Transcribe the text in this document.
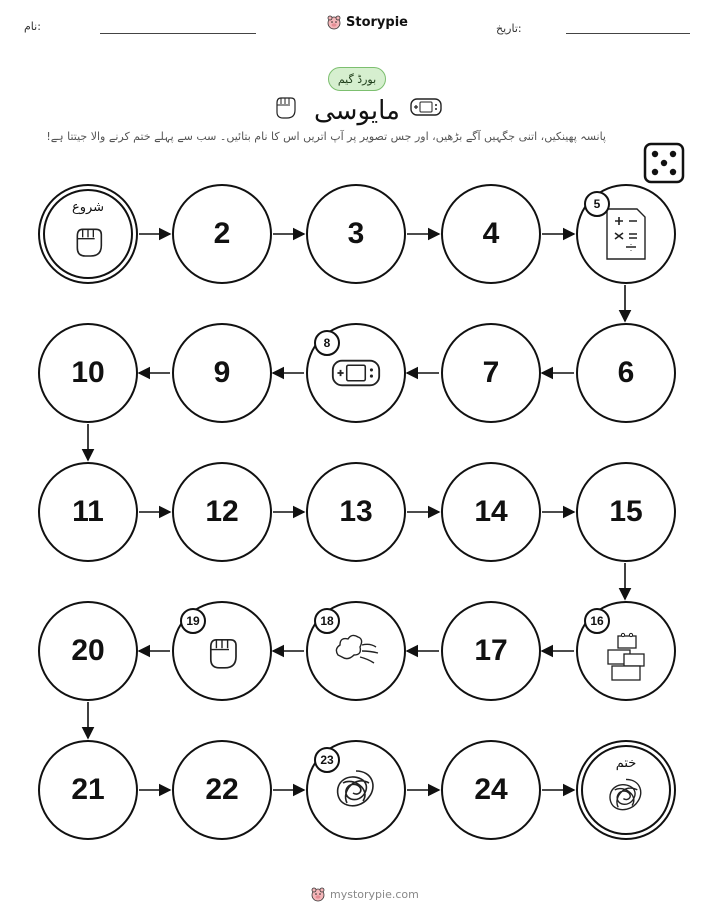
نام:	Storypie	تاریخ:
بورڈ گیم
مایوسی
پانسہ پھینکیں، اتنی جگہیں آگے بڑھیں، اور جس تصویر پر آپ اتریں اس کا نام بتائیں۔ سب سے پہلے ختم کرنے والا جیتتا ہے!
شروع
2	3	4
5
10	9
8
7	6
11	12	13	14	15
20
19	18
17
16
21	22
23
24
ختم
mystorypie.com
